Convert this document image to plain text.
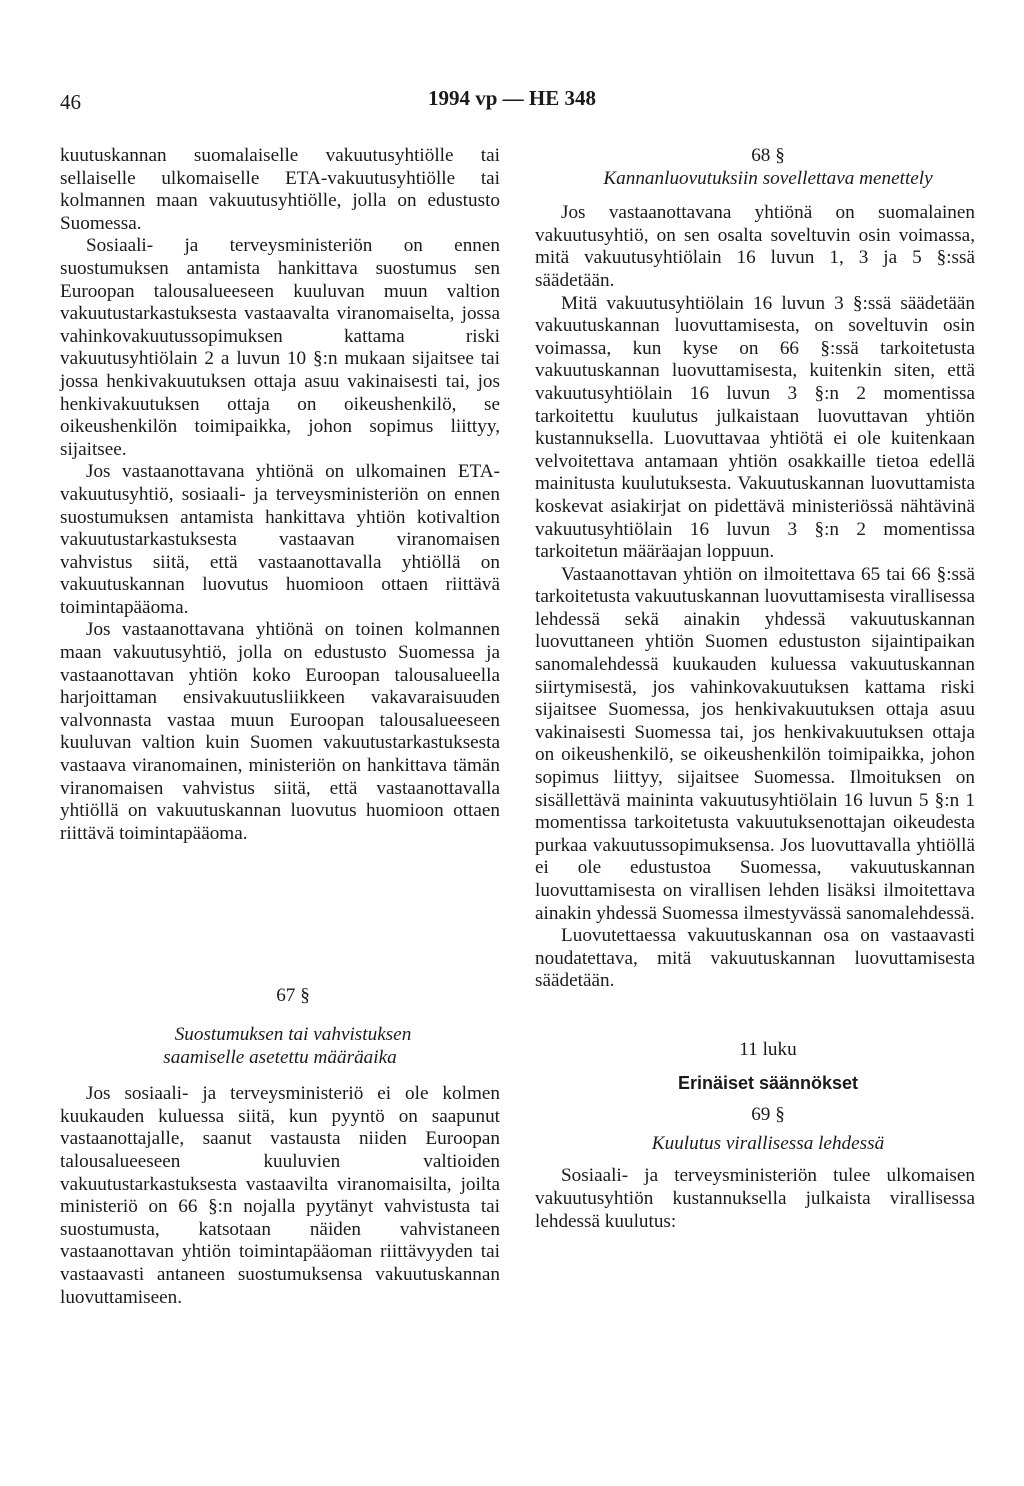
46	1994 vp — HE 348

kuutuskannan suomalaiselle vakuutusyhtiölle tai sellaiselle ulkomaiselle ETA-vakuutusyhtiölle tai kolmannen maan vakuutusyhtiölle, jolla on edustusto Suomessa.

Sosiaali- ja terveysministeriön on ennen suostumuksen antamista hankittava suostumus sen Euroopan talousalueeseen kuuluvan muun valtion vakuutustarkastuksesta vastaavalta viranomaiselta, jossa vahinkovakuutussopimuksen kattama riski vakuutusyhtiölain 2 a luvun 10 §:n mukaan sijaitsee tai jossa henkivakuutuksen ottaja asuu vakinaisesti tai, jos henkivakuutuksen ottaja on oikeushenkilö, se oikeushenkilön toimipaikka, johon sopimus liittyy, sijaitsee.

Jos vastaanottavana yhtiönä on ulkomainen ETA-vakuutusyhtiö, sosiaali- ja terveysministeriön on ennen suostumuksen antamista hankittava yhtiön kotivaltion vakuutustarkastuksesta vastaavan viranomaisen vahvistus siitä, että vastaanottavalla yhtiöllä on vakuutuskannan luovutus huomioon ottaen riittävä toimintapääoma.

Jos vastaanottavana yhtiönä on toinen kolmannen maan vakuutusyhtiö, jolla on edustusto Suomessa ja vastaanottavan yhtiön koko Euroopan talousalueella harjoittaman ensivakuutusliikkeen vakavaraisuuden valvonnasta vastaa muun Euroopan talousalueeseen kuuluvan valtion kuin Suomen vakuutustarkastuksesta vastaava viranomainen, ministeriön on hankittava tämän viranomaisen vahvistus siitä, että vastaanottavalla yhtiöllä on vakuutuskannan luovutus huomioon ottaen riittävä toimintapääoma.

67 §

Suostumuksen tai vahvistuksen saamiselle asetettu määräaika

Jos sosiaali- ja terveysministeriö ei ole kolmen kuukauden kuluessa siitä, kun pyyntö on saapunut vastaanottajalle, saanut vastausta niiden Euroopan talousalueeseen kuuluvien valtioiden vakuutustarkastuksesta vastaavilta viranomaisilta, joilta ministeriö on 66 §:n nojalla pyytänyt vahvistusta tai suostumusta, katsotaan näiden vahvistaneen vastaanottavan yhtiön toimintapääoman riittävyyden tai vastaavasti antaneen suostumuksensa vakuutuskannan luovuttamiseen.

68 §

Kannanluovutuksiin sovellettava menettely

Jos vastaanottavana yhtiönä on suomalainen vakuutusyhtiö, on sen osalta soveltuvin osin voimassa, mitä vakuutusyhtiölain 16 luvun 1, 3 ja 5 §:ssä säädetään.

Mitä vakuutusyhtiölain 16 luvun 3 §:ssä säädetään vakuutuskannan luovuttamisesta, on soveltuvin osin voimassa, kun kyse on 66 §:ssä tarkoitetusta vakuutuskannan luovuttamisesta, kuitenkin siten, että vakuutusyhtiölain 16 luvun 3 §:n 2 momentissa tarkoitettu kuulutus julkaistaan luovuttavan yhtiön kustannuksella. Luovuttavaa yhtiötä ei ole kuitenkaan velvoitettava antamaan yhtiön osakkaille tietoa edellä mainitusta kuulutuksesta. Vakuutuskannan luovuttamista koskevat asiakirjat on pidettävä ministeriössä nähtävinä vakuutusyhtiölain 16 luvun 3 §:n 2 momentissa tarkoitetun määräajan loppuun.

Vastaanottavan yhtiön on ilmoitettava 65 tai 66 §:ssä tarkoitetusta vakuutuskannan luovuttamisesta virallisessa lehdessä sekä ainakin yhdessä vakuutuskannan luovuttaneen yhtiön Suomen edustuston sijaintipaikan sanomalehdessä kuukauden kuluessa vakuutuskannan siirtymisestä, jos vahinkovakuutuksen kattama riski sijaitsee Suomessa, jos henkivakuutuksen ottaja asuu vakinaisesti Suomessa tai, jos henkivakuutuksen ottaja on oikeushenkilö, se oikeushenkilön toimipaikka, johon sopimus liittyy, sijaitsee Suomessa. Ilmoituksen on sisällettävä maininta vakuutusyhtiölain 16 luvun 5 §:n 1 momentissa tarkoitetusta vakuutuksenottajan oikeudesta purkaa vakuutussopimuksensa. Jos luovuttavalla yhtiöllä ei ole edustustoa Suomessa, vakuutuskannan luovuttamisesta on virallisen lehden lisäksi ilmoitettava ainakin yhdessä Suomessa ilmestyvässä sanomalehdessä.

Luovutettaessa vakuutuskannan osa on vastaavasti noudatettava, mitä vakuutuskannan luovuttamisesta säädetään.

11 luku

Erinäiset säännökset

69 §

Kuulutus virallisessa lehdessä

Sosiaali- ja terveysministeriön tulee ulkomaisen vakuutusyhtiön kustannuksella julkaista virallisessa lehdessä kuulutus:
